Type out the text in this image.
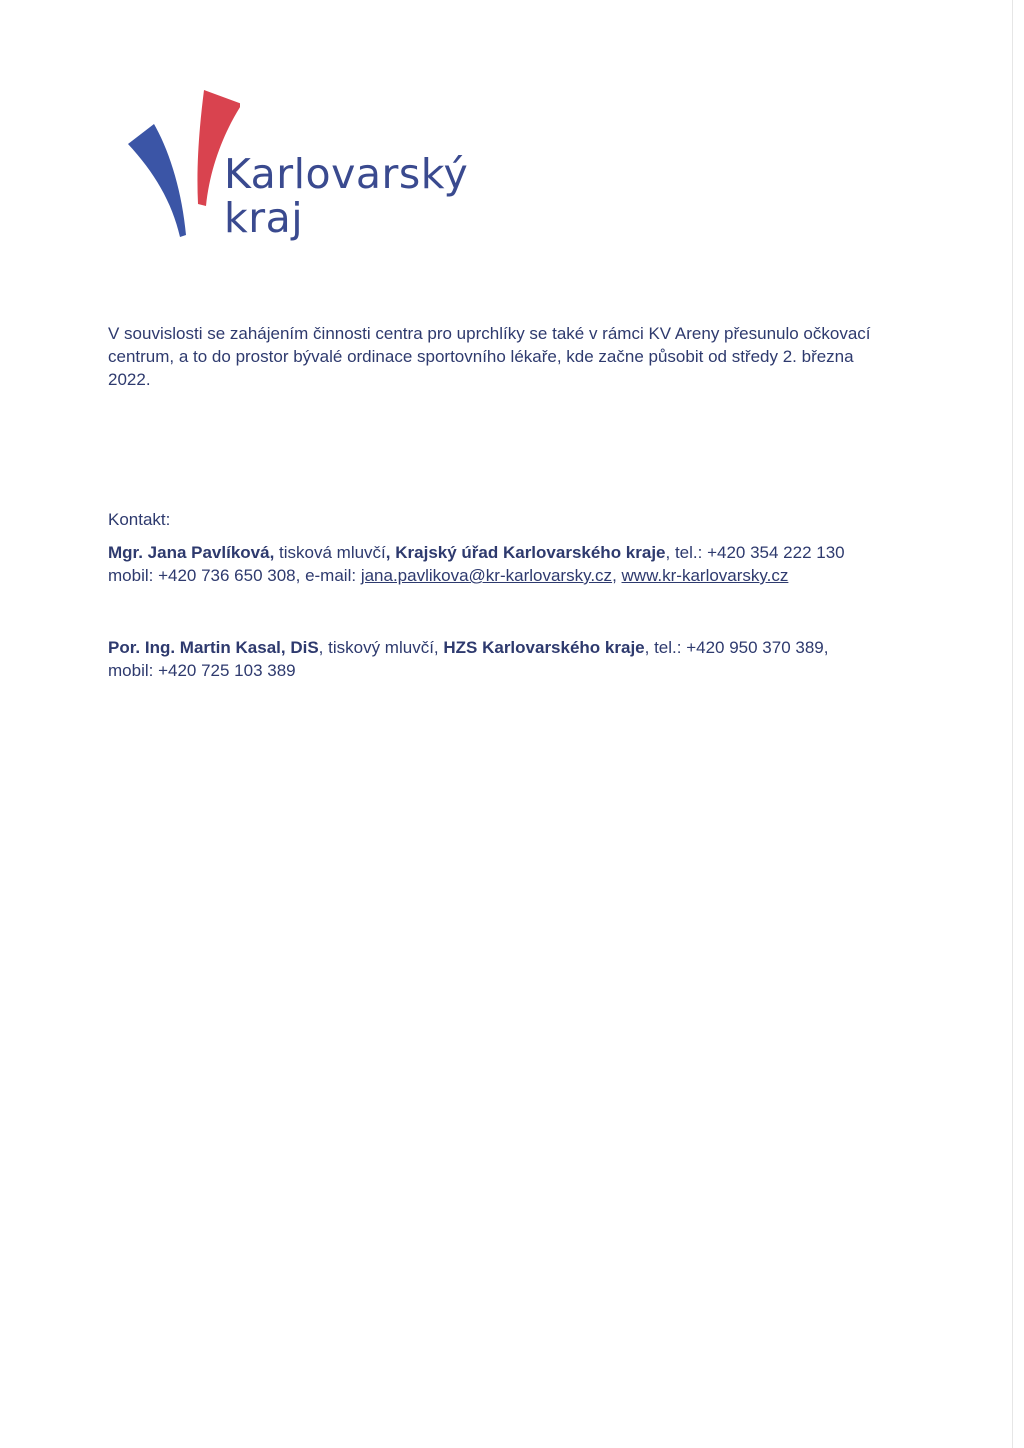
Karlovarský
kraj

V souvislosti se zahájením činnosti centra pro uprchlíky se také v rámci KV Areny přesunulo očkovací centrum, a to do prostor bývalé ordinace sportovního lékaře, kde začne působit od středy 2. března 2022.

Kontakt:

Mgr. Jana Pavlíková, tisková mluvčí, Krajský úřad Karlovarského kraje, tel.: +420 354 222 130
mobil: +420 736 650 308, e-mail: jana.pavlikova@kr-karlovarsky.cz, www.kr-karlovarsky.cz

Por. Ing. Martin Kasal, DiS, tiskový mluvčí, HZS Karlovarského kraje, tel.: +420 950 370 389,
mobil: +420 725 103 389
